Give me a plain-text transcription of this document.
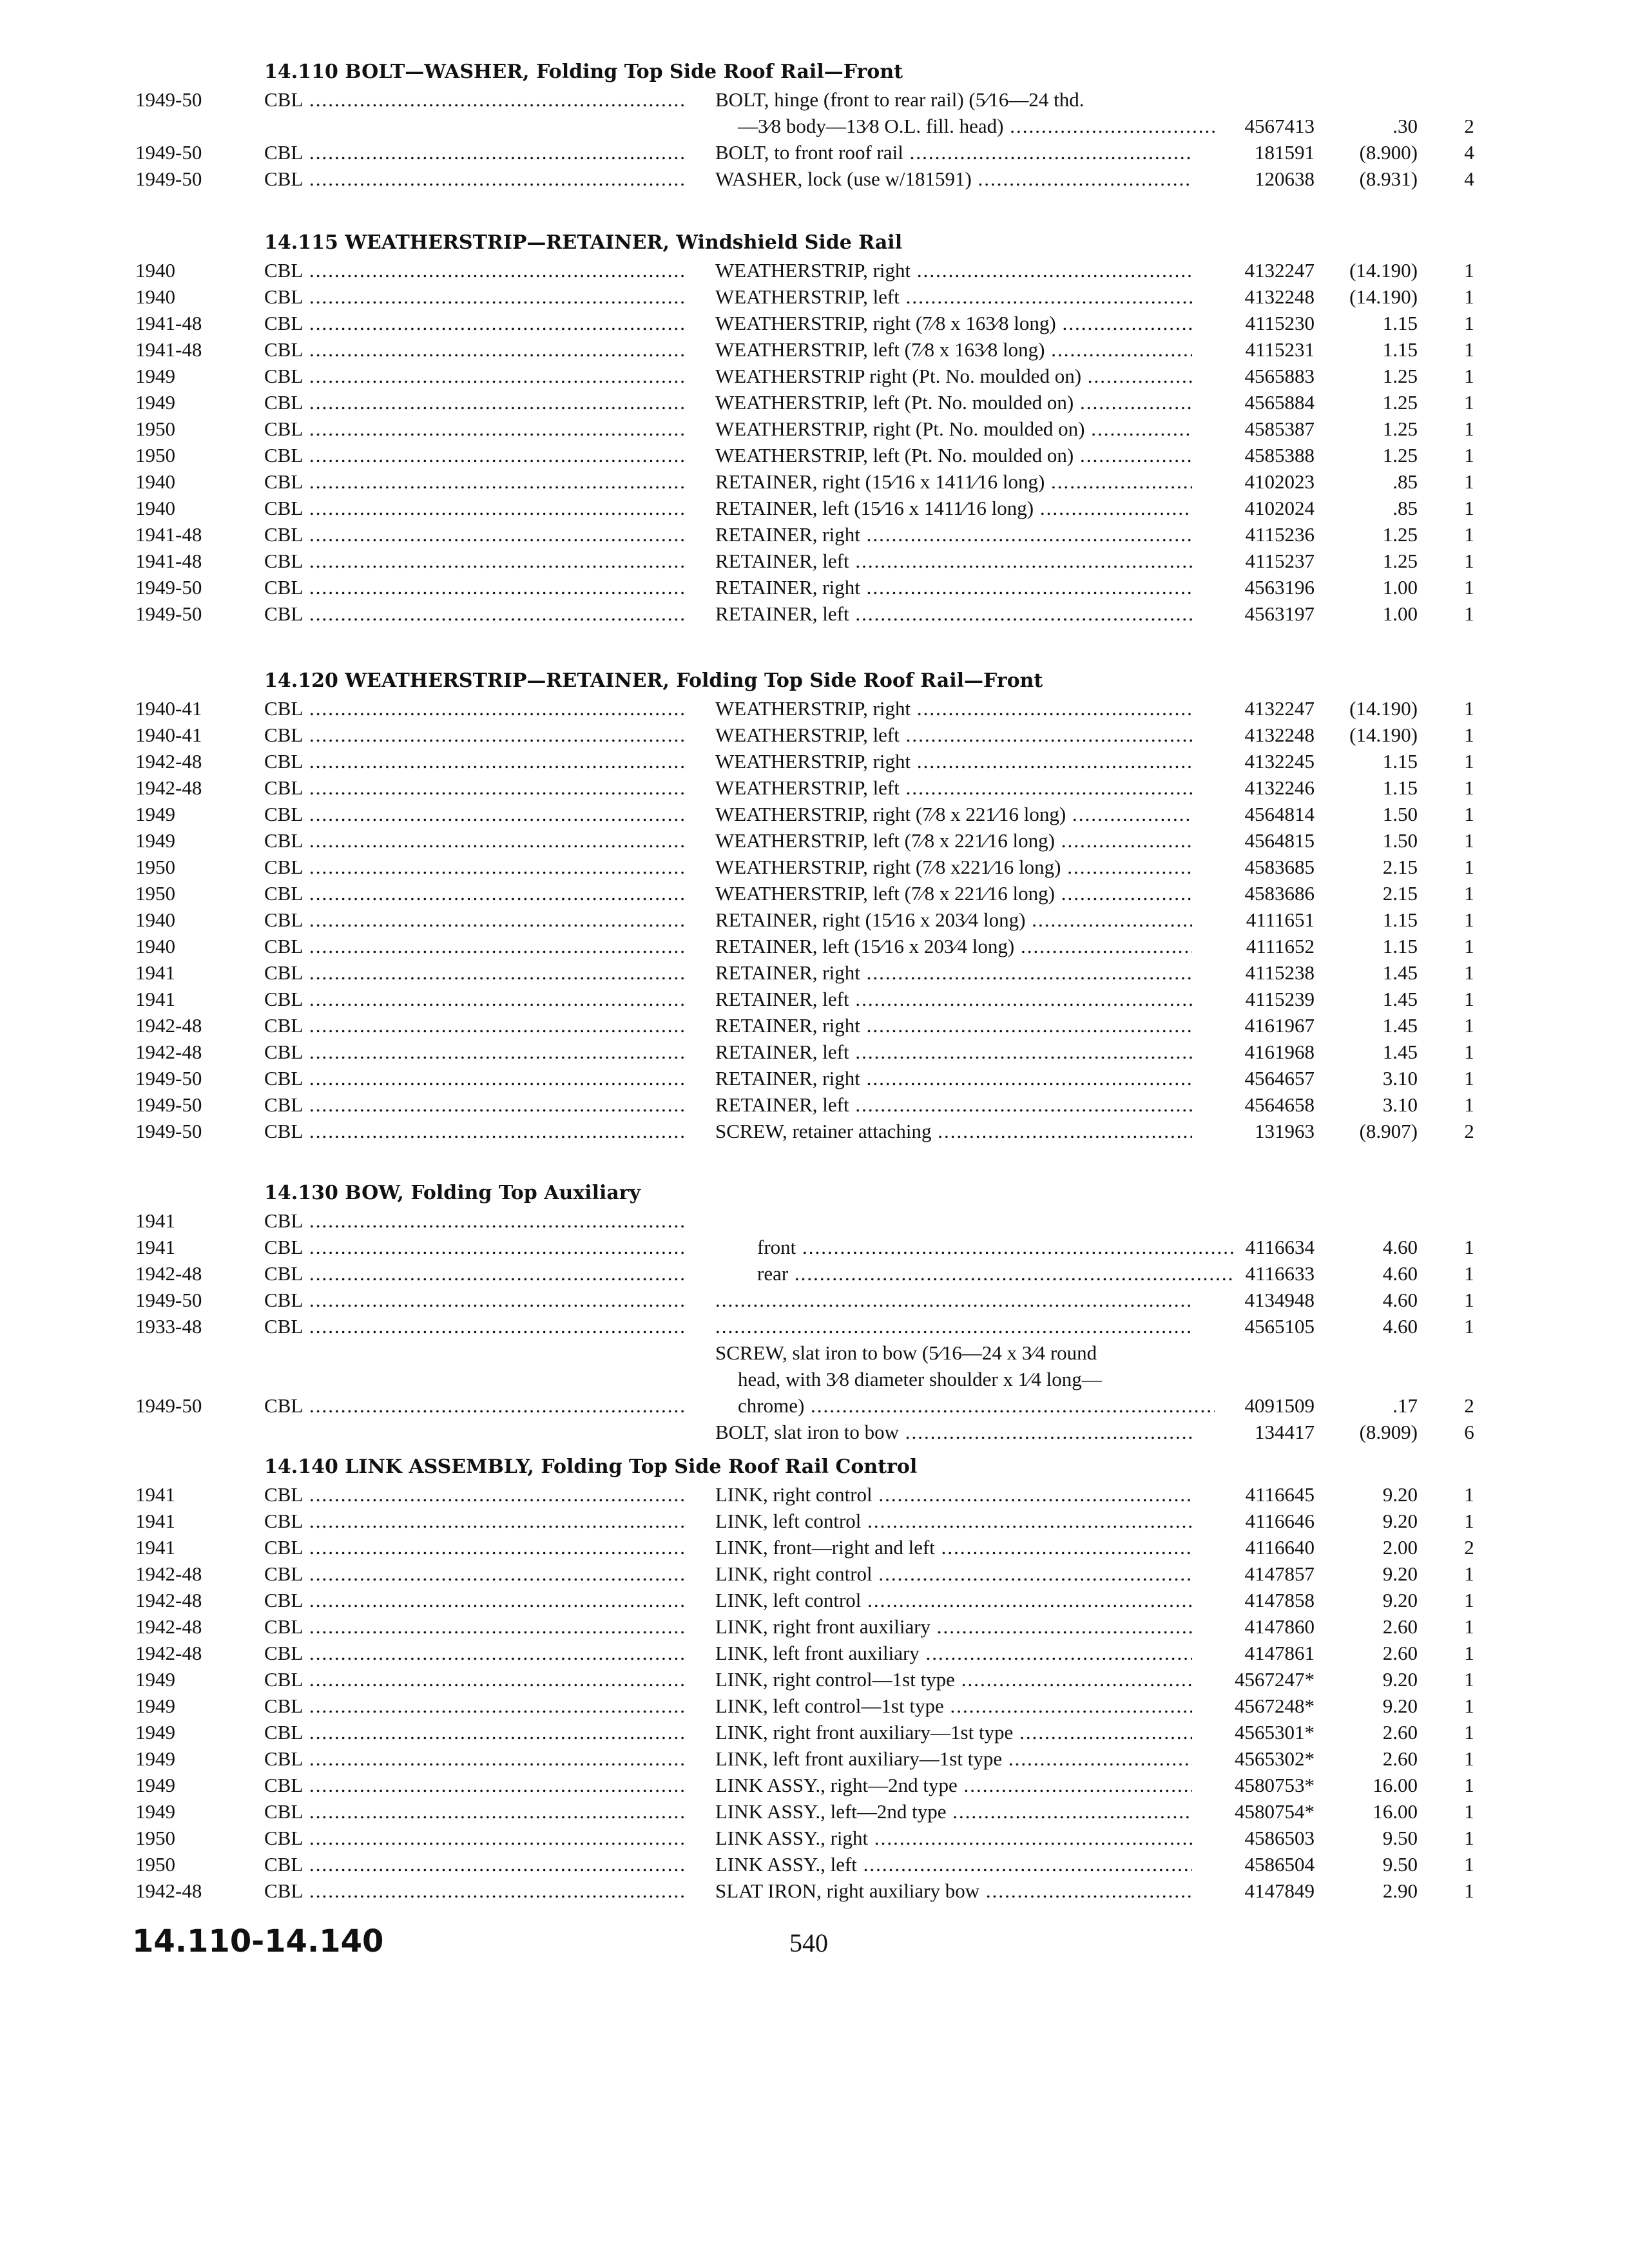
14.110 BOLT—WASHER, Folding Top Side Roof Rail—Front
1949-50	CBL .....	BOLT, hinge (front to rear rail) (5⁄16—24 thd.
—3⁄8 body—13⁄8 O.L. fill. head) .....	4567413	.30	2
1949-50	CBL .....	BOLT, to front roof rail .....	181591	(8.900)	4
1949-50	CBL .....	WASHER, lock (use w/181591) .....	120638	(8.931)	4
14.115 WEATHERSTRIP—RETAINER, Windshield Side Rail
1940	CBL .....	WEATHERSTRIP, right .....	4132247	(14.190)	1
1940	CBL .....	WEATHERSTRIP, left .....	4132248	(14.190)	1
1941-48	CBL .....	WEATHERSTRIP, right (7⁄8 x 163⁄8 long) .....	4115230	1.15	1
1941-48	CBL .....	WEATHERSTRIP, left (7⁄8 x 163⁄8 long) .....	4115231	1.15	1
1949	CBL .....	WEATHERSTRIP right (Pt. No. moulded on) .....	4565883	1.25	1
1949	CBL .....	WEATHERSTRIP, left (Pt. No. moulded on) .....	4565884	1.25	1
1950	CBL .....	WEATHERSTRIP, right (Pt. No. moulded on) .....	4585387	1.25	1
1950	CBL .....	WEATHERSTRIP, left (Pt. No. moulded on) .....	4585388	1.25	1
1940	CBL .....	RETAINER, right (15⁄16 x 1411⁄16 long) .....	4102023	.85	1
1940	CBL .....	RETAINER, left (15⁄16 x 1411⁄16 long) .....	4102024	.85	1
1941-48	CBL .....	RETAINER, right .....	4115236	1.25	1
1941-48	CBL .....	RETAINER, left .....	4115237	1.25	1
1949-50	CBL .....	RETAINER, right .....	4563196	1.00	1
1949-50	CBL .....	RETAINER, left .....	4563197	1.00	1
14.120 WEATHERSTRIP—RETAINER, Folding Top Side Roof Rail—Front
1940-41	CBL .....	WEATHERSTRIP, right .....	4132247	(14.190)	1
1940-41	CBL .....	WEATHERSTRIP, left .....	4132248	(14.190)	1
1942-48	CBL .....	WEATHERSTRIP, right .....	4132245	1.15	1
1942-48	CBL .....	WEATHERSTRIP, left .....	4132246	1.15	1
1949	CBL .....	WEATHERSTRIP, right (7⁄8 x 221⁄16 long) .....	4564814	1.50	1
1949	CBL .....	WEATHERSTRIP, left (7⁄8 x 221⁄16 long) .....	4564815	1.50	1
1950	CBL .....	WEATHERSTRIP, right (7⁄8 x221⁄16 long) .....	4583685	2.15	1
1950	CBL .....	WEATHERSTRIP, left (7⁄8 x 221⁄16 long) .....	4583686	2.15	1
1940	CBL .....	RETAINER, right (15⁄16 x 203⁄4 long) .....	4111651	1.15	1
1940	CBL .....	RETAINER, left (15⁄16 x 203⁄4 long) .....	4111652	1.15	1
1941	CBL .....	RETAINER, right .....	4115238	1.45	1
1941	CBL .....	RETAINER, left .....	4115239	1.45	1
1942-48	CBL .....	RETAINER, right .....	4161967	1.45	1
1942-48	CBL .....	RETAINER, left .....	4161968	1.45	1
1949-50	CBL .....	RETAINER, right .....	4564657	3.10	1
1949-50	CBL .....	RETAINER, left .....	4564658	3.10	1
1949-50	CBL .....	SCREW, retainer attaching .....	131963	(8.907)	2
14.130 BOW, Folding Top Auxiliary
1941	CBL .....
1941	CBL .....	front .....	4116634	4.60	1
1942-48	CBL .....	rear .....	4116633	4.60	1
1949-50	CBL ..... .....	4134948	4.60	1
1933-48	CBL ..... .....	4565105	4.60	1
SCREW, slat iron to bow (5⁄16—24 x 3⁄4 round
head, with 3⁄8 diameter shoulder x 1⁄4 long—
1949-50	CBL .....	chrome) .....	4091509	.17	2
BOLT, slat iron to bow .....	134417	(8.909)	6
14.140 LINK ASSEMBLY, Folding Top Side Roof Rail Control
1941	CBL .....	LINK, right control .....	4116645	9.20	1
1941	CBL .....	LINK, left control .....	4116646	9.20	1
1941	CBL .....	LINK, front—right and left .....	4116640	2.00	2
1942-48	CBL .....	LINK, right control .....	4147857	9.20	1
1942-48	CBL .....	LINK, left control .....	4147858	9.20	1
1942-48	CBL .....	LINK, right front auxiliary .....	4147860	2.60	1
1942-48	CBL .....	LINK, left front auxiliary .....	4147861	2.60	1
1949	CBL .....	LINK, right control—1st type .....	4567247*	9.20	1
1949	CBL .....	LINK, left control—1st type .....	4567248*	9.20	1
1949	CBL .....	LINK, right front auxiliary—1st type .....	4565301*	2.60	1
1949	CBL .....	LINK, left front auxiliary—1st type .....	4565302*	2.60	1
1949	CBL .....	LINK ASSY., right—2nd type .....	4580753*	16.00	1
1949	CBL .....	LINK ASSY., left—2nd type .....	4580754*	16.00	1
1950	CBL .....	LINK ASSY., right .....	4586503	9.50	1
1950	CBL .....	LINK ASSY., left .....	4586504	9.50	1
1942-48	CBL .....	SLAT IRON, right auxiliary bow .....	4147849	2.90	1
14.110-14.140	540
